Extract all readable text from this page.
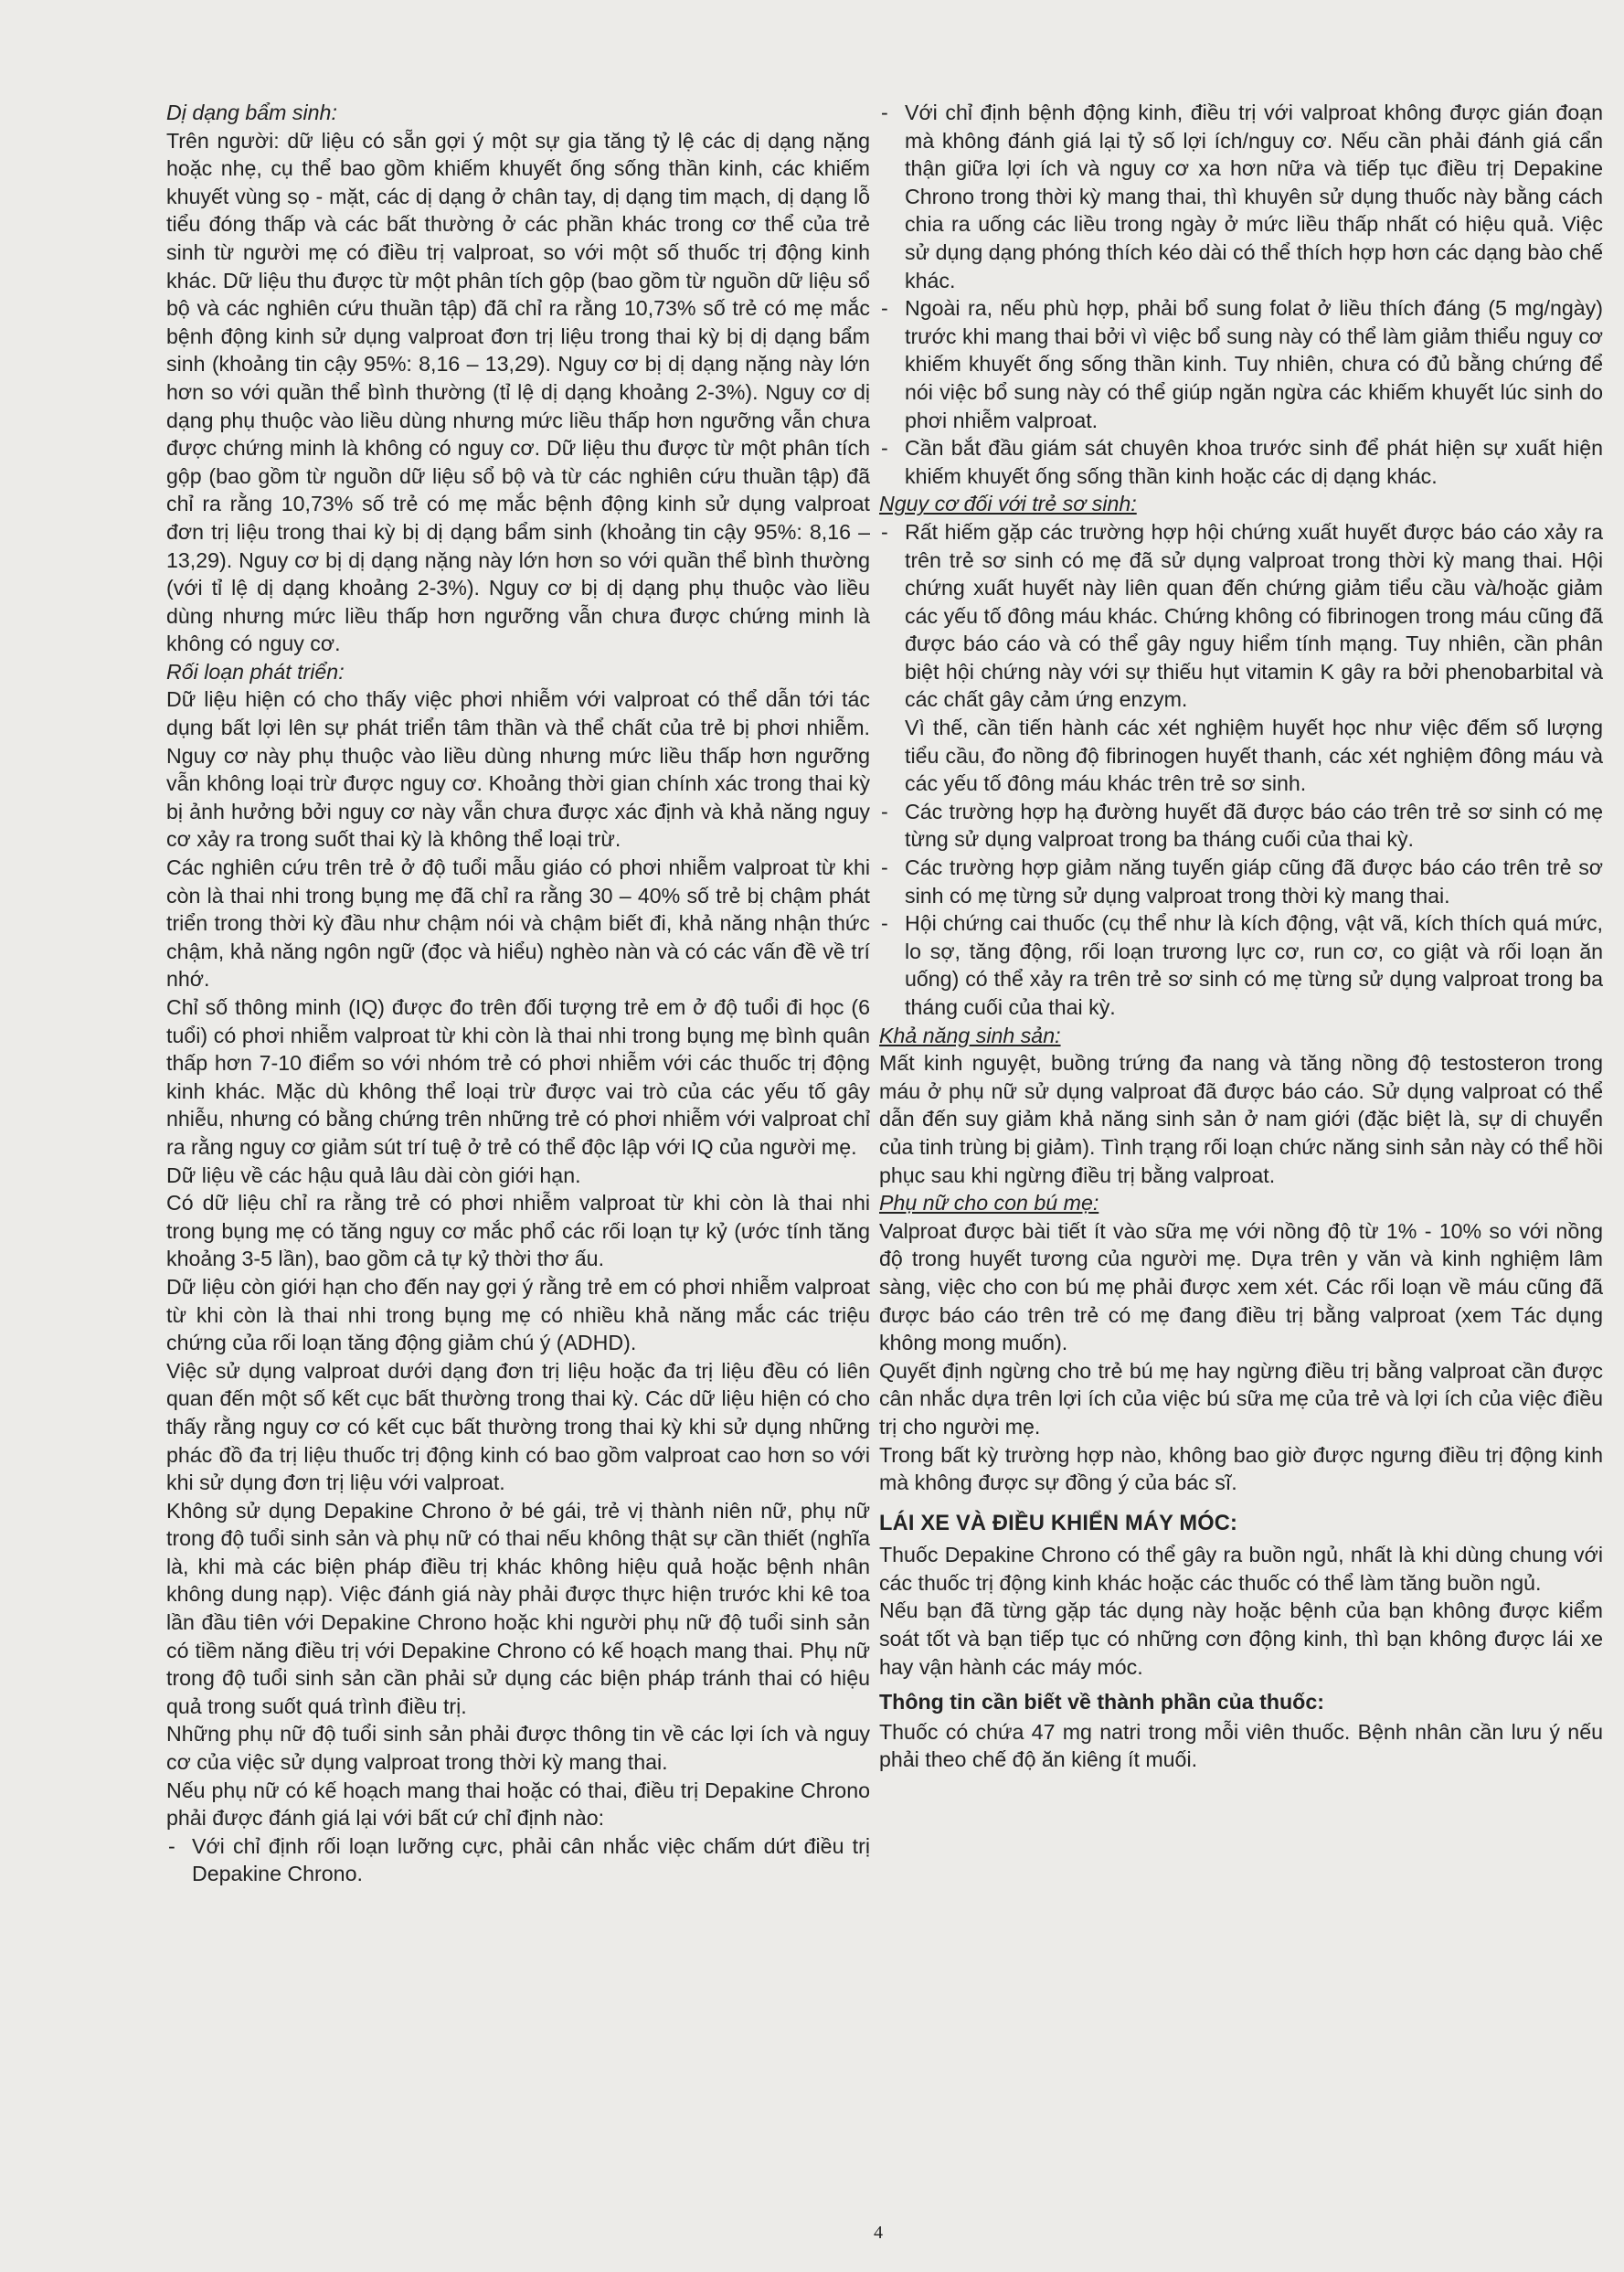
Dị dạng bẩm sinh:

Trên người: dữ liệu có sẵn gợi ý một sự gia tăng tỷ lệ các dị dạng nặng hoặc nhẹ, cụ thể bao gồm khiếm khuyết ống sống thần kinh, các khiếm khuyết vùng sọ - mặt, các dị dạng ở chân tay, dị dạng tim mạch, dị dạng lỗ tiểu đóng thấp và các bất thường ở các phần khác trong cơ thể của trẻ sinh từ người mẹ có điều trị valproat, so với một số thuốc trị động kinh khác. Dữ liệu thu được từ một phân tích gộp (bao gồm từ nguồn dữ liệu sổ bộ và các nghiên cứu thuần tập) đã chỉ ra rằng 10,73% số trẻ có mẹ mắc bệnh động kinh sử dụng valproat đơn trị liệu trong thai kỳ bị dị dạng bẩm sinh (khoảng tin cậy 95%: 8,16 – 13,29). Nguy cơ bị dị dạng nặng này lớn hơn so với quần thể bình thường (tỉ lệ dị dạng khoảng 2-3%). Nguy cơ dị dạng phụ thuộc vào liều dùng nhưng mức liều thấp hơn ngưỡng vẫn chưa được chứng minh là không có nguy cơ. Dữ liệu thu được từ một phân tích gộp (bao gồm từ nguồn dữ liệu sổ bộ và từ các nghiên cứu thuần tập) đã chỉ ra rằng 10,73% số trẻ có mẹ mắc bệnh động kinh sử dụng valproat đơn trị liệu trong thai kỳ bị dị dạng bẩm sinh (khoảng tin cậy 95%: 8,16 – 13,29). Nguy cơ bị dị dạng nặng này lớn hơn so với quần thể bình thường (với tỉ lệ dị dạng khoảng 2-3%). Nguy cơ bị dị dạng phụ thuộc vào liều dùng nhưng mức liều thấp hơn ngưỡng vẫn chưa được chứng minh là không có nguy cơ.

Rối loạn phát triển:

Dữ liệu hiện có cho thấy việc phơi nhiễm với valproat có thể dẫn tới tác dụng bất lợi lên sự phát triển tâm thần và thể chất của trẻ bị phơi nhiễm. Nguy cơ này phụ thuộc vào liều dùng nhưng mức liều thấp hơn ngưỡng vẫn không loại trừ được nguy cơ. Khoảng thời gian chính xác trong thai kỳ bị ảnh hưởng bởi nguy cơ này vẫn chưa được xác định và khả năng nguy cơ xảy ra trong suốt thai kỳ là không thể loại trừ.

Các nghiên cứu trên trẻ ở độ tuổi mẫu giáo có phơi nhiễm valproat từ khi còn là thai nhi trong bụng mẹ đã chỉ ra rằng 30 – 40% số trẻ bị chậm phát triển trong thời kỳ đầu như chậm nói và chậm biết đi, khả năng nhận thức chậm, khả năng ngôn ngữ (đọc và hiểu) nghèo nàn và có các vấn đề về trí nhớ.

Chỉ số thông minh (IQ) được đo trên đối tượng trẻ em ở độ tuổi đi học (6 tuổi) có phơi nhiễm valproat từ khi còn là thai nhi trong bụng mẹ bình quân thấp hơn 7-10 điểm so với nhóm trẻ có phơi nhiễm với các thuốc trị động kinh khác. Mặc dù không thể loại trừ được vai trò của các yếu tố gây nhiễu, nhưng có bằng chứng trên những trẻ có phơi nhiễm với valproat chỉ ra rằng nguy cơ giảm sút trí tuệ ở trẻ có thể độc lập với IQ của người mẹ.

Dữ liệu về các hậu quả lâu dài còn giới hạn.

Có dữ liệu chỉ ra rằng trẻ có phơi nhiễm valproat từ khi còn là thai nhi trong bụng mẹ có tăng nguy cơ mắc phổ các rối loạn tự kỷ (ước tính tăng khoảng 3-5 lần), bao gồm cả tự kỷ thời thơ ấu.

Dữ liệu còn giới hạn cho đến nay gợi ý rằng trẻ em có phơi nhiễm valproat từ khi còn là thai nhi trong bụng mẹ có nhiều khả năng mắc các triệu chứng của rối loạn tăng động giảm chú ý (ADHD).

Việc sử dụng valproat dưới dạng đơn trị liệu hoặc đa trị liệu đều có liên quan đến một số kết cục bất thường trong thai kỳ. Các dữ liệu hiện có cho thấy rằng nguy cơ có kết cục bất thường trong thai kỳ khi sử dụng những phác đồ đa trị liệu thuốc trị động kinh có bao gồm valproat cao hơn so với khi sử dụng đơn trị liệu với valproat.

Không sử dụng Depakine Chrono ở bé gái, trẻ vị thành niên nữ, phụ nữ trong độ tuổi sinh sản và phụ nữ có thai nếu không thật sự cần thiết (nghĩa là, khi mà các biện pháp điều trị khác không hiệu quả hoặc bệnh nhân không dung nạp). Việc đánh giá này phải được thực hiện trước khi kê toa lần đầu tiên với Depakine Chrono hoặc khi người phụ nữ độ tuổi sinh sản có tiềm năng điều trị với Depakine Chrono có kế hoạch mang thai. Phụ nữ trong độ tuổi sinh sản cần phải sử dụng các biện pháp tránh thai có hiệu quả trong suốt quá trình điều trị.

Những phụ nữ độ tuổi sinh sản phải được thông tin về các lợi ích và nguy cơ của việc sử dụng valproat trong thời kỳ mang thai.

Nếu phụ nữ có kế hoạch mang thai hoặc có thai, điều trị Depakine Chrono phải được đánh giá lại với bất cứ chỉ định nào:

- Với chỉ định rối loạn lưỡng cực, phải cân nhắc việc chấm dứt điều trị Depakine Chrono.
- Với chỉ định bệnh động kinh, điều trị với valproat không được gián đoạn mà không đánh giá lại tỷ số lợi ích/nguy cơ. Nếu cần phải đánh giá cẩn thận giữa lợi ích và nguy cơ xa hơn nữa và tiếp tục điều trị Depakine Chrono trong thời kỳ mang thai, thì khuyên sử dụng thuốc này bằng cách chia ra uống các liều trong ngày ở mức liều thấp nhất có hiệu quả. Việc sử dụng dạng phóng thích kéo dài có thể thích hợp hơn các dạng bào chế khác.
- Ngoài ra, nếu phù hợp, phải bổ sung folat ở liều thích đáng (5 mg/ngày) trước khi mang thai bởi vì việc bổ sung này có thể làm giảm thiểu nguy cơ khiếm khuyết ống sống thần kinh. Tuy nhiên, chưa có đủ bằng chứng để nói việc bổ sung này có thể giúp ngăn ngừa các khiếm khuyết lúc sinh do phơi nhiễm valproat.
- Cần bắt đầu giám sát chuyên khoa trước sinh để phát hiện sự xuất hiện khiếm khuyết ống sống thần kinh hoặc các dị dạng khác.
Nguy cơ đối với trẻ sơ sinh:
- Rất hiếm gặp các trường hợp hội chứng xuất huyết được báo cáo xảy ra trên trẻ sơ sinh có mẹ đã sử dụng valproat trong thời kỳ mang thai. Hội chứng xuất huyết này liên quan đến chứng giảm tiểu cầu và/hoặc giảm các yếu tố đông máu khác. Chứng không có fibrinogen trong máu cũng đã được báo cáo và có thể gây nguy hiểm tính mạng. Tuy nhiên, cần phân biệt hội chứng này với sự thiếu hụt vitamin K gây ra bởi phenobarbital và các chất gây cảm ứng enzym.

Vì thế, cần tiến hành các xét nghiệm huyết học như việc đếm số lượng tiểu cầu, đo nồng độ fibrinogen huyết thanh, các xét nghiệm đông máu và các yếu tố đông máu khác trên trẻ sơ sinh.

- Các trường hợp hạ đường huyết đã được báo cáo trên trẻ sơ sinh có mẹ từng sử dụng valproat trong ba tháng cuối của thai kỳ.
- Các trường hợp giảm năng tuyến giáp cũng đã được báo cáo trên trẻ sơ sinh có mẹ từng sử dụng valproat trong thời kỳ mang thai.
- Hội chứng cai thuốc (cụ thể như là kích động, vật vã, kích thích quá mức, lo sợ, tăng động, rối loạn trương lực cơ, run cơ, co giật và rối loạn ăn uống) có thể xảy ra trên trẻ sơ sinh có mẹ từng sử dụng valproat trong ba tháng cuối của thai kỳ.
Khả năng sinh sản:

Mất kinh nguyệt, buồng trứng đa nang và tăng nồng độ testosteron trong máu ở phụ nữ sử dụng valproat đã được báo cáo. Sử dụng valproat có thể dẫn đến suy giảm khả năng sinh sản ở nam giới (đặc biệt là, sự di chuyển của tinh trùng bị giảm). Tình trạng rối loạn chức năng sinh sản này có thể hồi phục sau khi ngừng điều trị bằng valproat.

Phụ nữ cho con bú mẹ:

Valproat được bài tiết ít vào sữa mẹ với nồng độ từ 1% - 10% so với nồng độ trong huyết tương của người mẹ. Dựa trên y văn và kinh nghiệm lâm sàng, việc cho con bú mẹ phải được xem xét. Các rối loạn về máu cũng đã được báo cáo trên trẻ có mẹ đang điều trị bằng valproat (xem Tác dụng không mong muốn).

Quyết định ngừng cho trẻ bú mẹ hay ngừng điều trị bằng valproat cần được cân nhắc dựa trên lợi ích của việc bú sữa mẹ của trẻ và lợi ích của việc điều trị cho người mẹ.

Trong bất kỳ trường hợp nào, không bao giờ được ngưng điều trị động kinh mà không được sự đồng ý của bác sĩ.

LÁI XE VÀ ĐIỀU KHIỂN MÁY MÓC:

Thuốc Depakine Chrono có thể gây ra buồn ngủ, nhất là khi dùng chung với các thuốc trị động kinh khác hoặc các thuốc có thể làm tăng buồn ngủ.

Nếu bạn đã từng gặp tác dụng này hoặc bệnh của bạn không được kiểm soát tốt và bạn tiếp tục có những cơn động kinh, thì bạn không được lái xe hay vận hành các máy móc.

Thông tin cần biết về thành phần của thuốc:

Thuốc có chứa 47 mg natri trong mỗi viên thuốc. Bệnh nhân cần lưu ý nếu phải theo chế độ ăn kiêng ít muối.

4
